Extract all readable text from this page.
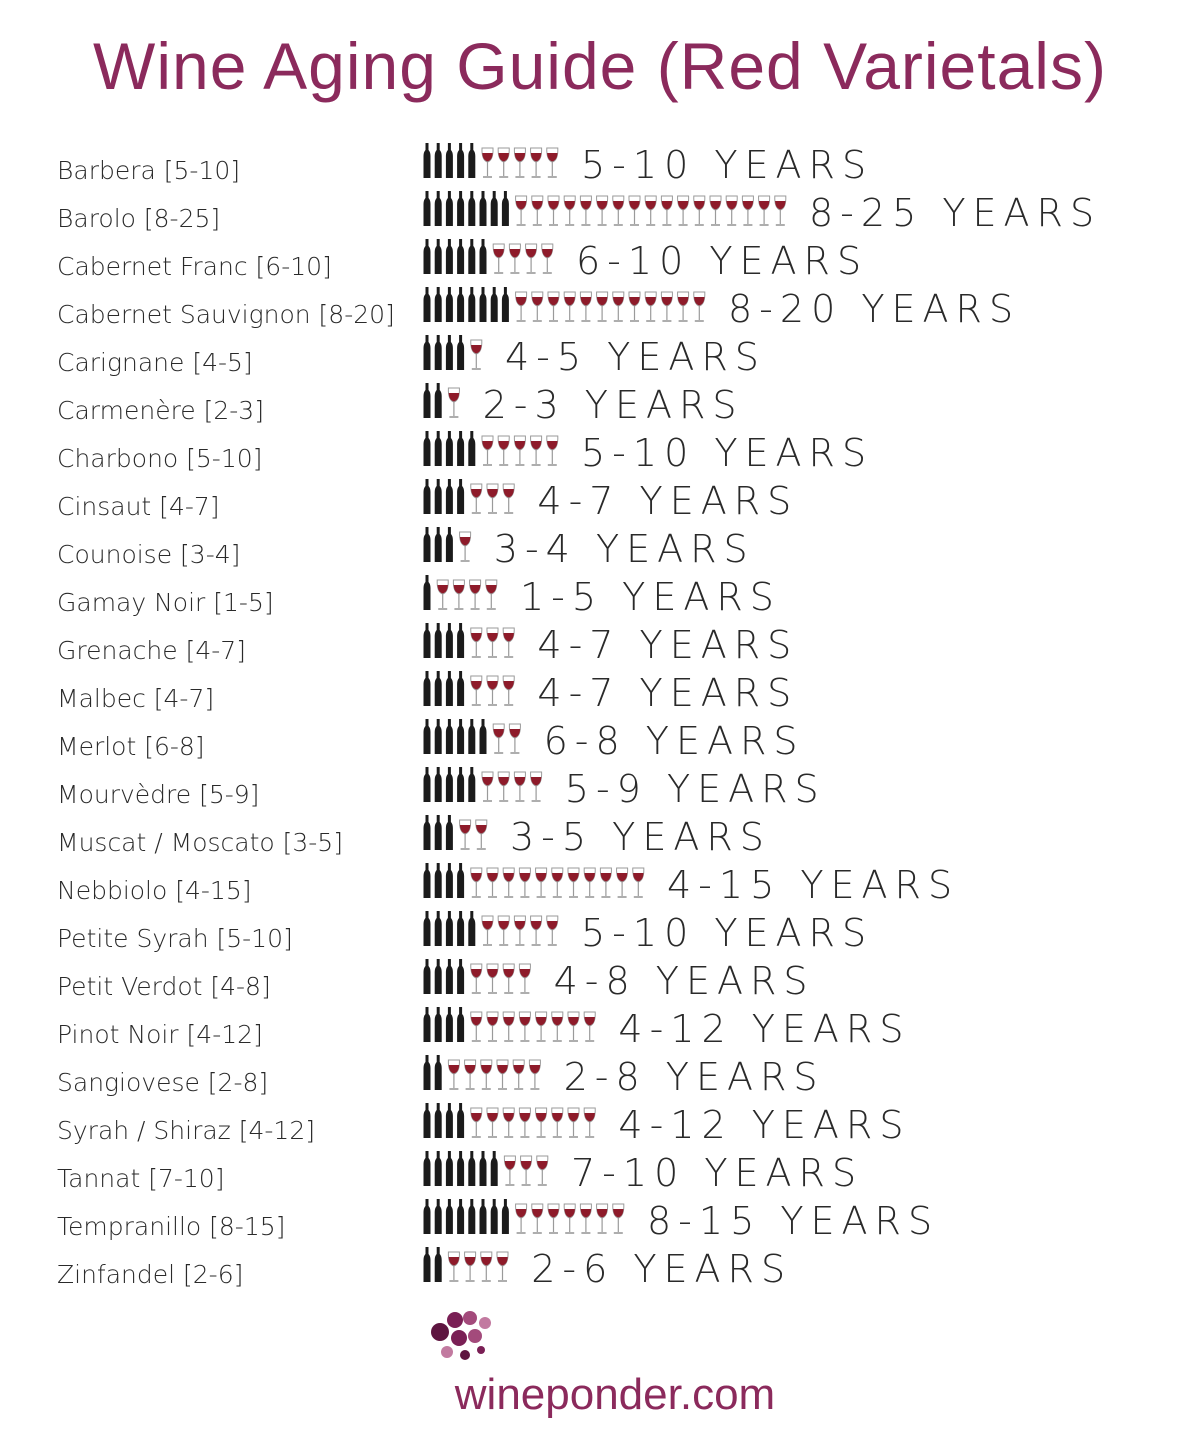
Wine Aging Guide (Red Varietals)
Barbera [5-10]	5-10 YEARS
Barolo [8-25]	8-25 YEARS
Cabernet Franc [6-10]	6-10 YEARS
Cabernet Sauvignon [8-20]	8-20 YEARS
Carignane [4-5]	4-5 YEARS
Carmenère [2-3]	2-3 YEARS
Charbono [5-10]	5-10 YEARS
Cinsaut [4-7]	4-7 YEARS
Counoise [3-4]	3-4 YEARS
Gamay Noir [1-5]	1-5 YEARS
Grenache [4-7]	4-7 YEARS
Malbec [4-7]	4-7 YEARS
Merlot [6-8]	6-8 YEARS
Mourvèdre [5-9]	5-9 YEARS
Muscat / Moscato [3-5]	3-5 YEARS
Nebbiolo [4-15]	4-15 YEARS
Petite Syrah [5-10]	5-10 YEARS
Petit Verdot [4-8]	4-8 YEARS
Pinot Noir [4-12]	4-12 YEARS
Sangiovese [2-8]	2-8 YEARS
Syrah / Shiraz [4-12]	4-12 YEARS
Tannat [7-10]	7-10 YEARS
Tempranillo [8-15]	8-15 YEARS
Zinfandel [2-6]	2-6 YEARS

wineponder.com
